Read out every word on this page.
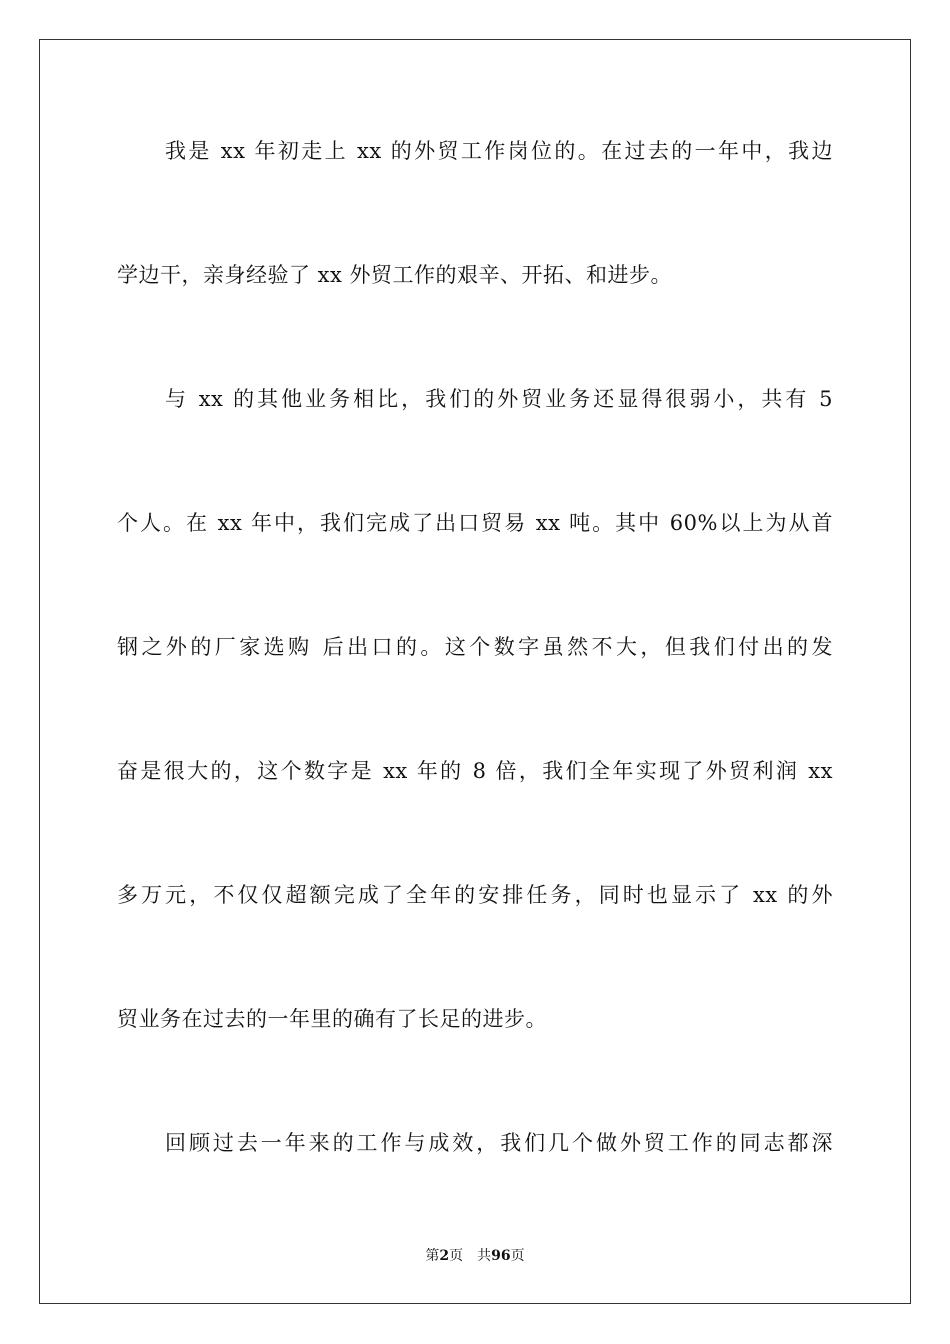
我是 xx 年初走上 xx 的外贸工作岗位的。在过去的一年中，我边
学边干，亲身经验了 xx 外贸工作的艰辛、开拓、和进步。
与 xx 的其他业务相比，我们的外贸业务还显得很弱小，共有 5
个人。在 xx 年中，我们完成了出口贸易 xx 吨。其中 60%以上为从首
钢之外的厂家选购 后出口的。这个数字虽然不大，但我们付出的发
奋是很大的，这个数字是 xx 年的 8 倍，我们全年实现了外贸利润 xx
多万元，不仅仅超额完成了全年的安排任务，同时也显示了 xx 的外
贸业务在过去的一年里的确有了长足的进步。
回顾过去一年来的工作与成效，我们几个做外贸工作的同志都深
第2页 共96页
